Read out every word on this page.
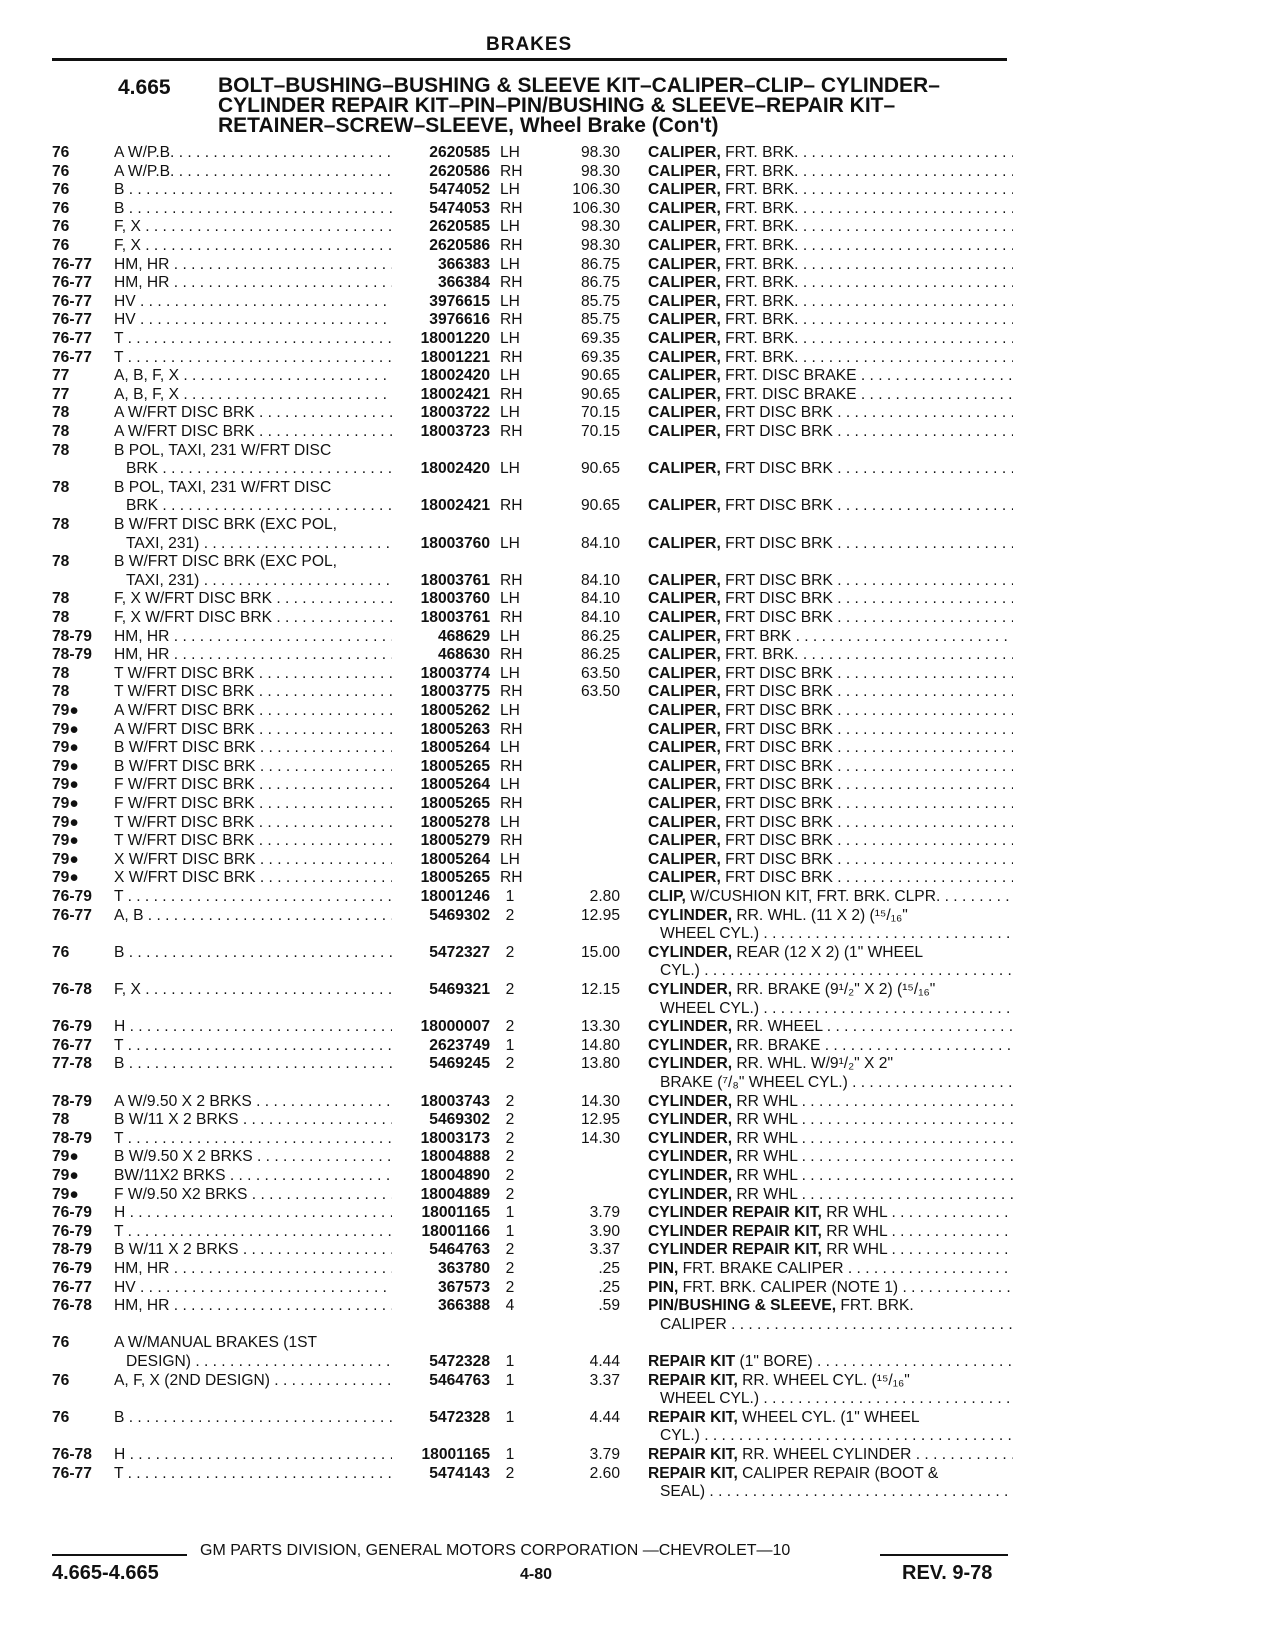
BRAKES
4.665 BOLT–BUSHING–BUSHING & SLEEVE KIT–CALIPER–CLIP– CYLINDER–
CYLINDER REPAIR KIT–PIN–PIN/BUSHING & SLEEVE–REPAIR KIT–
RETAINER–SCREW–SLEEVE, Wheel Brake (Con't)
76	A W/P.B. . . .	2620585 LH	98.30 CALIPER, FRT. BRK. . . .
76	A W/P.B. . . .	2620586 RH	98.30 CALIPER, FRT. BRK. . . .
76	B . . .	5474052 LH	106.30 CALIPER, FRT. BRK. . . .
76	B . . .	5474053 RH	106.30 CALIPER, FRT. BRK. . . .
76	F, X . . .	2620585 LH	98.30 CALIPER, FRT. BRK. . . .
76	F, X . . .	2620586 RH	98.30 CALIPER, FRT. BRK. . . .
76-77 HM, HR . . .	366383 LH	86.75 CALIPER, FRT. BRK. . . .
76-77 HM, HR . . .	366384 RH	86.75 CALIPER, FRT. BRK. . . .
76-77 HV . . .	3976615 LH	85.75 CALIPER, FRT. BRK. . . .
76-77 HV . . .	3976616 RH	85.75 CALIPER, FRT. BRK. . . .
76-77 T . . .	18001220 LH	69.35 CALIPER, FRT. BRK. . . .
76-77 T . . .	18001221 RH	69.35 CALIPER, FRT. BRK. . . .
77	A, B, F, X . . .	18002420 LH	90.65 CALIPER, FRT. DISC BRAKE . . .
77	A, B, F, X . . .	18002421 RH	90.65 CALIPER, FRT. DISC BRAKE . . .
78	A W/FRT DISC BRK . . .	18003722 LH	70.15 CALIPER, FRT DISC BRK . . .
78	A W/FRT DISC BRK . . .	18003723 RH	70.15 CALIPER, FRT DISC BRK . . .
78	B POL, TAXI, 231 W/FRT DISC
BRK . . .	18002420 LH	90.65 CALIPER, FRT DISC BRK . . .
78	B POL, TAXI, 231 W/FRT DISC
BRK . . .	18002421 RH	90.65 CALIPER, FRT DISC BRK . . .
78	B W/FRT DISC BRK (EXC POL,
TAXI, 231) . . .	18003760 LH	84.10 CALIPER, FRT DISC BRK . . .
78	B W/FRT DISC BRK (EXC POL,
TAXI, 231) . . .	18003761 RH	84.10 CALIPER, FRT DISC BRK . . .
78	F, X W/FRT DISC BRK . . .	18003760 LH	84.10 CALIPER, FRT DISC BRK . . .
78	F, X W/FRT DISC BRK . . .	18003761 RH	84.10 CALIPER, FRT DISC BRK . . .
78-79 HM, HR . . .	468629 LH	86.25 CALIPER, FRT BRK . . .
78-79 HM, HR . . .	468630 RH	86.25 CALIPER, FRT. BRK. . . .
78	T W/FRT DISC BRK . . .	18003774 LH	63.50 CALIPER, FRT DISC BRK . . .
78	T W/FRT DISC BRK . . .	18003775 RH	63.50 CALIPER, FRT DISC BRK . . .
79● A W/FRT DISC BRK . . .	18005262 LH	CALIPER, FRT DISC BRK . . .
79● A W/FRT DISC BRK . . .	18005263 RH	CALIPER, FRT DISC BRK . . .
79● B W/FRT DISC BRK . . .	18005264 LH	CALIPER, FRT DISC BRK . . .
79● B W/FRT DISC BRK . . .	18005265 RH	CALIPER, FRT DISC BRK . . .
79● F W/FRT DISC BRK . . .	18005264 LH	CALIPER, FRT DISC BRK . . .
79● F W/FRT DISC BRK . . .	18005265 RH	CALIPER, FRT DISC BRK . . .
79● T W/FRT DISC BRK . . .	18005278 LH	CALIPER, FRT DISC BRK . . .
79● T W/FRT DISC BRK . . .	18005279 RH	CALIPER, FRT DISC BRK . . .
79● X W/FRT DISC BRK . . .	18005264 LH	CALIPER, FRT DISC BRK . . .
79● X W/FRT DISC BRK . . .	18005265 RH	CALIPER, FRT DISC BRK . . .
76-79 T . . .	18001246	1	2.80 CLIP, W/CUSHION KIT, FRT. BRK. CLPR. . . .
76-77 A, B . . .	5469302	2	12.95 CYLINDER, RR. WHL. (11 X 2) (¹⁵/₁₆"
WHEEL CYL.) . . .
76	B . . .	5472327	2	15.00 CYLINDER, REAR (12 X 2) (1" WHEEL
CYL.) . . .
76-78 F, X . . .	5469321	2	12.15 CYLINDER, RR. BRAKE (9¹/₂" X 2) (¹⁵/₁₆"
WHEEL CYL.) . . .
76-79 H . . .	18000007	2	13.30 CYLINDER, RR. WHEEL . . .
76-77 T . . .	2623749	1	14.80 CYLINDER, RR. BRAKE . . .
77-78 B . . .	5469245	2	13.80 CYLINDER, RR. WHL. W/9¹/₂" X 2"
BRAKE (⁷/₈" WHEEL CYL.) . . .
78-79 A W/9.50 X 2 BRKS . . .	18003743	2	14.30 CYLINDER, RR WHL . . .
78	B W/11 X 2 BRKS . . .	5469302	2	12.95 CYLINDER, RR WHL . . .
78-79 T . . .	18003173	2	14.30 CYLINDER, RR WHL . . .
79● B W/9.50 X 2 BRKS . . .	18004888	2	CYLINDER, RR WHL . . .
79● BW/11X2 BRKS . . .	18004890	2	CYLINDER, RR WHL . . .
79● F W/9.50 X2 BRKS . . .	18004889	2	CYLINDER, RR WHL . . .
76-79 H . . .	18001165	1	3.79 CYLINDER REPAIR KIT, RR WHL . . .
76-79 T . . .	18001166	1	3.90 CYLINDER REPAIR KIT, RR WHL . . .
78-79 B W/11 X 2 BRKS . . .	5464763	2	3.37 CYLINDER REPAIR KIT, RR WHL . . .
76-79 HM, HR . . .	363780	2	.25 PIN, FRT. BRAKE CALIPER . . .
76-77 HV . . .	367573	2	.25 PIN, FRT. BRK. CALIPER (NOTE 1) . . .
76-78 HM, HR . . .	366388	4	.59 PIN/BUSHING & SLEEVE, FRT. BRK.
CALIPER . . .
76	A W/MANUAL BRAKES (1ST
DESIGN) . . .	5472328	1	4.44 REPAIR KIT (1" BORE) . . .
76	A, F, X (2ND DESIGN) . . .	5464763	1	3.37 REPAIR KIT, RR. WHEEL CYL. (¹⁵/₁₆"
WHEEL CYL.) . . .
76	B . . .	5472328	1	4.44 REPAIR KIT, WHEEL CYL. (1" WHEEL
CYL.) . . .
76-78 H . . .	18001165	1	3.79 REPAIR KIT, RR. WHEEL CYLINDER . . .
76-77 T . . .	5474143	2	2.60 REPAIR KIT, CALIPER REPAIR (BOOT &
SEAL) . . .
GM PARTS DIVISION, GENERAL MOTORS CORPORATION —CHEVROLET—10
4.665-4.665	4-80	REV. 9-78
